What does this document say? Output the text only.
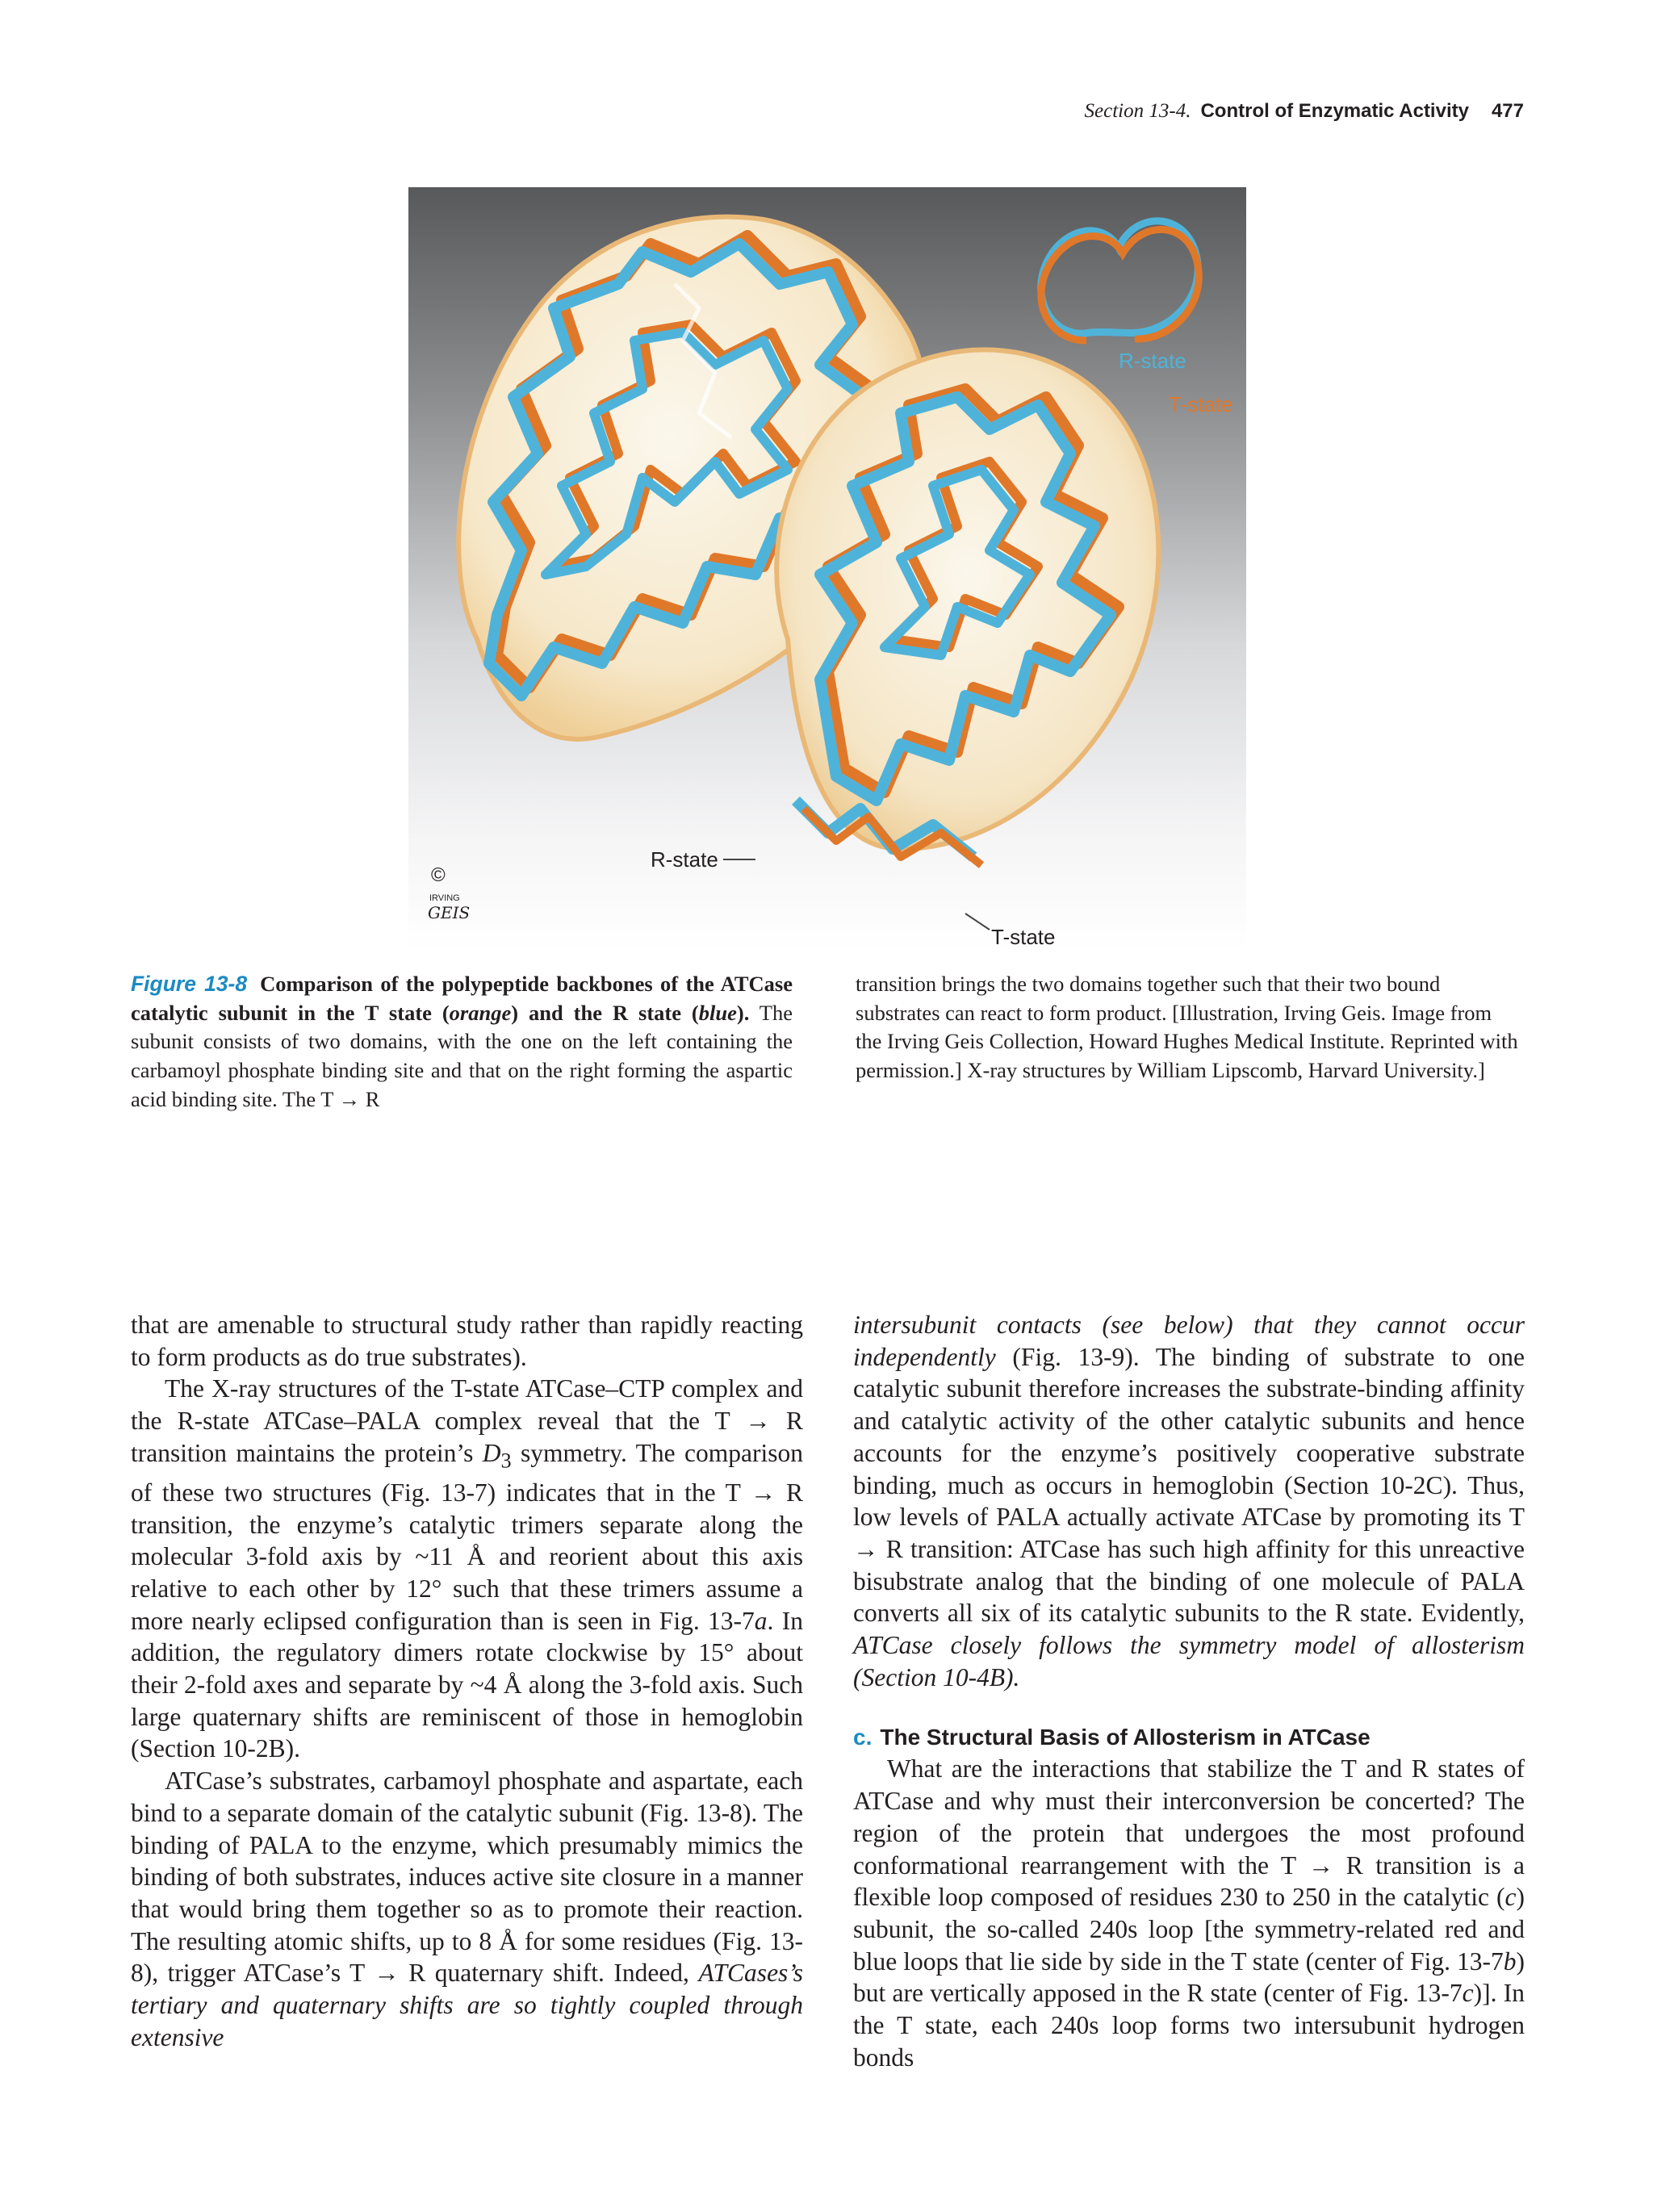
Section 13-4. Control of Enzymatic Activity 477
R-state
T-state
R-state
T-state
©
IRVING
GEIS
Figure 13-8 Comparison of the polypeptide backbones of the ATCase catalytic subunit in the T state (orange) and the R state (blue). The subunit consists of two domains, with the one on the left containing the carbamoyl phosphate binding site and that on the right forming the aspartic acid binding site. The T → R
transition brings the two domains together such that their two bound substrates can react to form product. [Illustration, Irving Geis. Image from the Irving Geis Collection, Howard Hughes Medical Institute. Reprinted with permission.] X-ray structures by William Lipscomb, Harvard University.]

that are amenable to structural study rather than rapidly reacting to form products as do true substrates).

The X-ray structures of the T-state ATCase–CTP complex and the R-state ATCase–PALA complex reveal that the T → R transition maintains the protein’s $D_3$ symmetry. The comparison of these two structures (Fig. 13-7) indicates that in the T → R transition, the enzyme’s catalytic trimers separate along the molecular 3-fold axis by ~11 Å and reorient about this axis relative to each other by 12° such that these trimers assume a more nearly eclipsed configuration than is seen in Fig. 13-7a. In addition, the regulatory dimers rotate clockwise by 15° about their 2-fold axes and separate by ~4 Å along the 3-fold axis. Such large quaternary shifts are reminiscent of those in hemoglobin (Section 10-2B).

ATCase’s substrates, carbamoyl phosphate and aspartate, each bind to a separate domain of the catalytic subunit (Fig. 13-8). The binding of PALA to the enzyme, which presumably mimics the binding of both substrates, induces active site closure in a manner that would bring them together so as to promote their reaction. The resulting atomic shifts, up to 8 Å for some residues (Fig. 13-8), trigger ATCase’s T → R quaternary shift. Indeed, ATCases’s tertiary and quaternary shifts are so tightly coupled through extensive

intersubunit contacts (see below) that they cannot occur independently (Fig. 13-9). The binding of substrate to one catalytic subunit therefore increases the substrate-binding affinity and catalytic activity of the other catalytic subunits and hence accounts for the enzyme’s positively cooperative substrate binding, much as occurs in hemoglobin (Section 10-2C). Thus, low levels of PALA actually activate ATCase by promoting its T → R transition: ATCase has such high affinity for this unreactive bisubstrate analog that the binding of one molecule of PALA converts all six of its catalytic subunits to the R state. Evidently, ATCase closely follows the symmetry model of allosterism (Section 10-4B).

c. The Structural Basis of Allosterism in ATCase

What are the interactions that stabilize the T and R states of ATCase and why must their interconversion be concerted? The region of the protein that undergoes the most profound conformational rearrangement with the T → R transition is a flexible loop composed of residues 230 to 250 in the catalytic (c) subunit, the so-called 240s loop [the symmetry-related red and blue loops that lie side by side in the T state (center of Fig. 13-7b) but are vertically apposed in the R state (center of Fig. 13-7c)]. In the T state, each 240s loop forms two intersubunit hydrogen bonds
